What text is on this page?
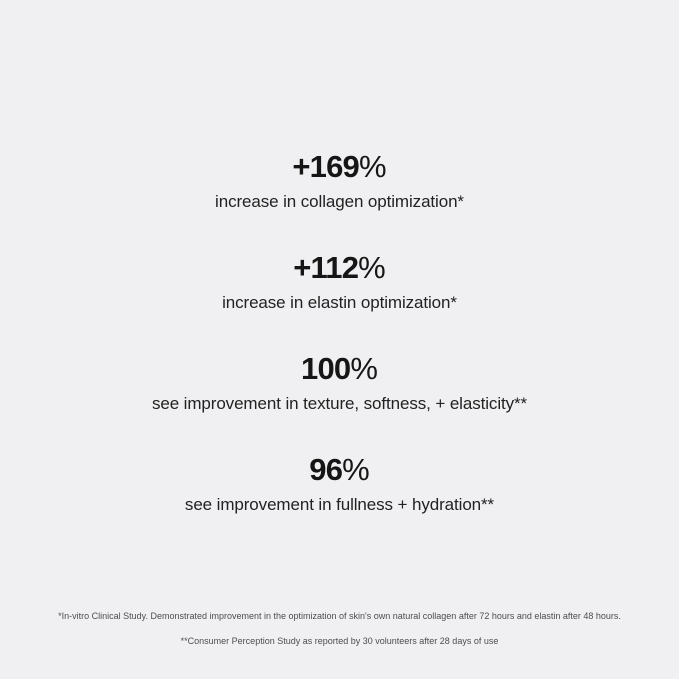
+169%
increase in collagen optimization*
+112%
increase in elastin optimization*
100%
see improvement in texture, softness, + elasticity**
96%
see improvement in fullness + hydration**

*In-vitro Clinical Study. Demonstrated improvement in the optimization of skin's own natural collagen after 72 hours and elastin after 48 hours.

**Consumer Perception Study as reported by 30 volunteers after 28 days of use
